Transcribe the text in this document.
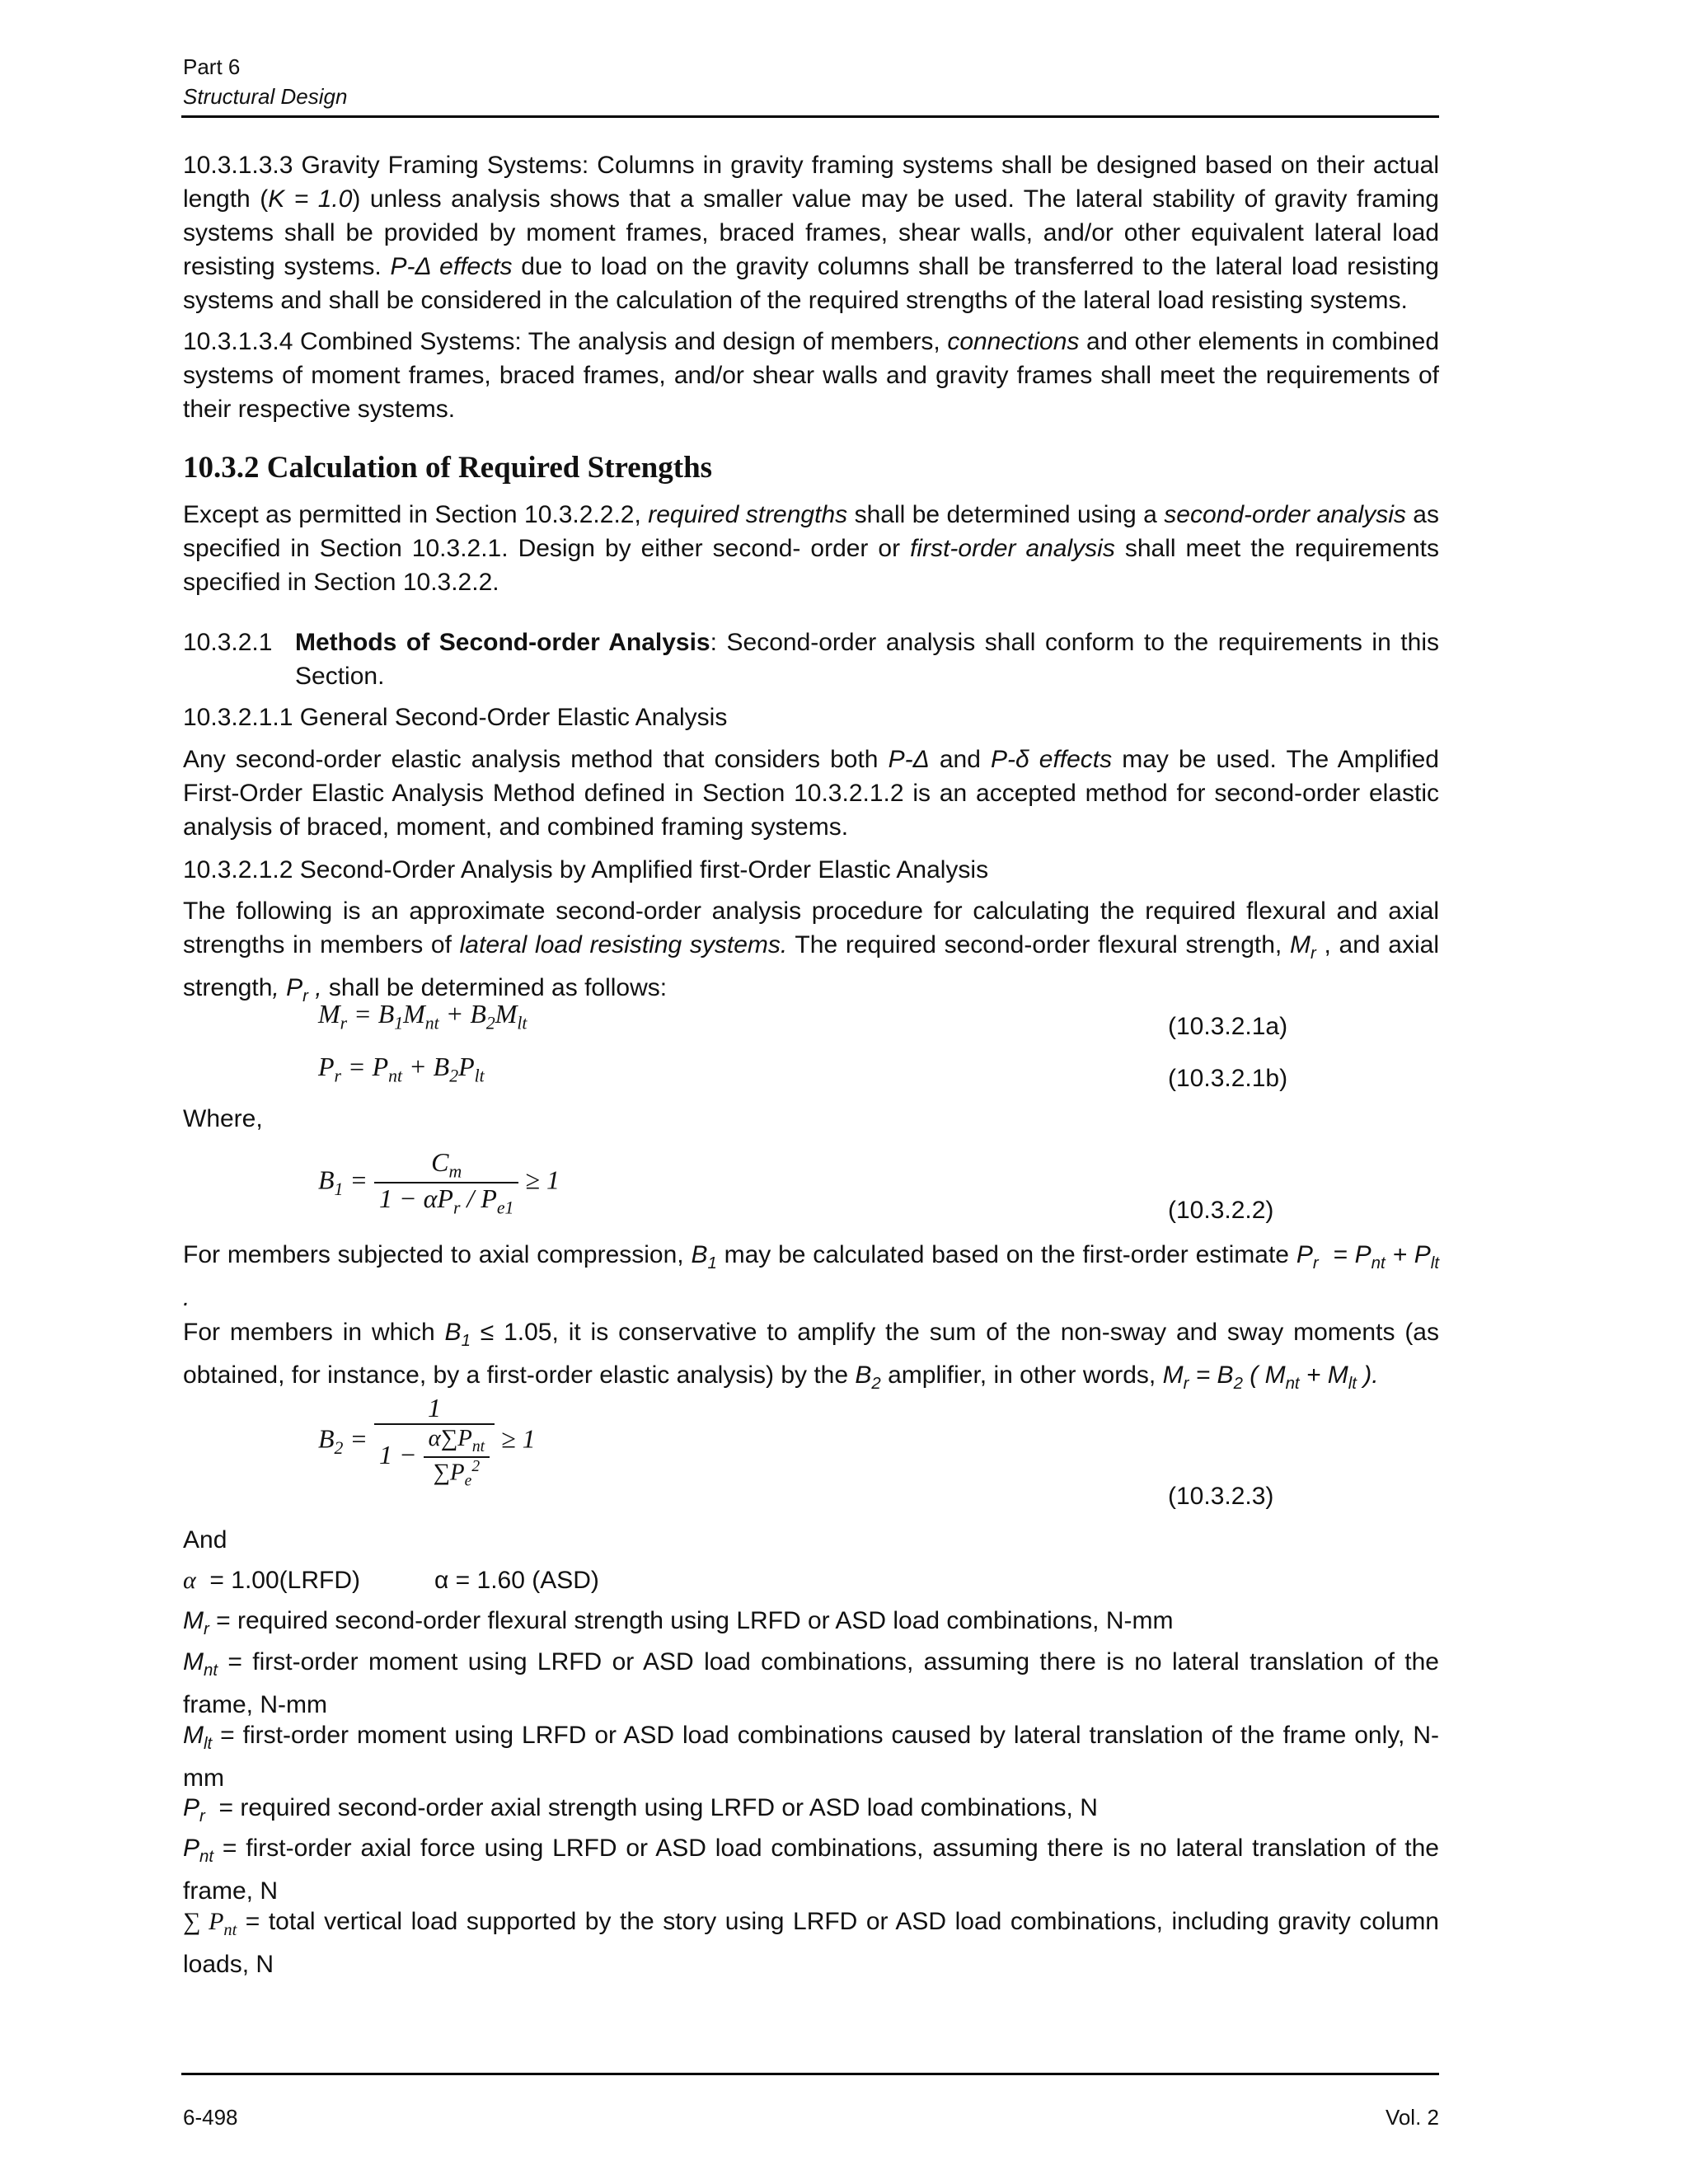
Part 6
Structural Design
10.3.1.3.3 Gravity Framing Systems: Columns in gravity framing systems shall be designed based on their actual length (K = 1.0) unless analysis shows that a smaller value may be used. The lateral stability of gravity framing systems shall be provided by moment frames, braced frames, shear walls, and/or other equivalent lateral load resisting systems. P-Δ effects due to load on the gravity columns shall be transferred to the lateral load resisting systems and shall be considered in the calculation of the required strengths of the lateral load resisting systems.
10.3.1.3.4 Combined Systems: The analysis and design of members, connections and other elements in combined systems of moment frames, braced frames, and/or shear walls and gravity frames shall meet the requirements of their respective systems.
10.3.2 Calculation of Required Strengths
Except as permitted in Section 10.3.2.2.2, required strengths shall be determined using a second-order analysis as specified in Section 10.3.2.1. Design by either second- order or first-order analysis shall meet the requirements specified in Section 10.3.2.2.
10.3.2.1 Methods of Second-order Analysis: Second-order analysis shall conform to the requirements in this Section.
10.3.2.1.1 General Second-Order Elastic Analysis
Any second-order elastic analysis method that considers both P-Δ and P-δ effects may be used. The Amplified First-Order Elastic Analysis Method defined in Section 10.3.2.1.2 is an accepted method for second-order elastic analysis of braced, moment, and combined framing systems.
10.3.2.1.2 Second-Order Analysis by Amplified first-Order Elastic Analysis
The following is an approximate second-order analysis procedure for calculating the required flexural and axial strengths in members of lateral load resisting systems. The required second-order flexural strength, $M_r$ , and axial strength, $P_r$ , shall be determined as follows:
$M_r = B_1M_{nt} + B_2M_{lt}$	(10.3.2.1a)
$P_r = P_{nt} + B_2P_{lt}$	(10.3.2.1b)
Where,
$B_1 = \frac{C_m}{1 - \alpha P_r / P_{e1}} \ge 1$
(10.3.2.2)
For members subjected to axial compression, $B_1$ may be calculated based on the first-order estimate $P_r = P_{nt} + P_{lt}$ .
For members in which $B_1 \le 1.05$, it is conservative to amplify the sum of the non-sway and sway moments (as obtained, for instance, by a first-order elastic analysis) by the $B_2$ amplifier, in other words, $M_r = B_2$ ( $M_{nt} + M_{lt}$ ).
$B_2 = \frac{1}{1 - \frac{\alpha\sum P_{nt}}{\sum P_e^2}} \ge 1$
(10.3.2.3)
And
α = 1.00(LRFD)	α = 1.60 (ASD)
$M_r$ = required second-order flexural strength using LRFD or ASD load combinations, N-mm
$M_{nt}$ = first-order moment using LRFD or ASD load combinations, assuming there is no lateral translation of the frame, N-mm
$M_{lt}$ = first-order moment using LRFD or ASD load combinations caused by lateral translation of the frame only, N-mm
$P_r$  = required second-order axial strength using LRFD or ASD load combinations, N
$P_{nt}$ = first-order axial force using LRFD or ASD load combinations, assuming there is no lateral translation of the frame, N
∑ $P_{nt}$ = total vertical load supported by the story using LRFD or ASD load combinations, including gravity column loads, N
6-498	Vol. 2
